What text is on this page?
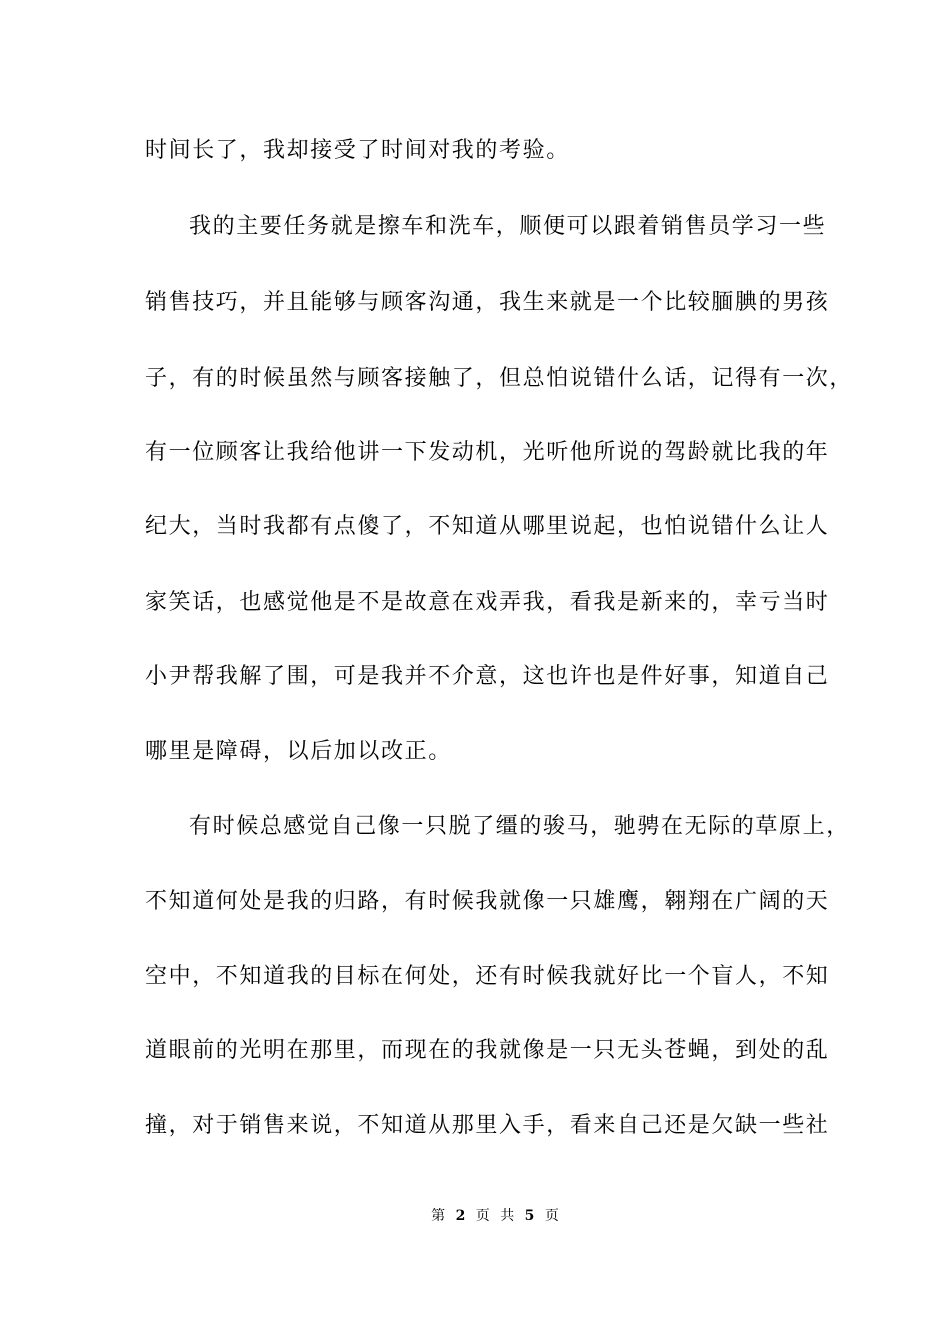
时间长了，我却接受了时间对我的考验。
我的主要任务就是擦车和洗车，顺便可以跟着销售员学习一些
销售技巧，并且能够与顾客沟通，我生来就是一个比较腼腆的男孩
子，有的时候虽然与顾客接触了，但总怕说错什么话，记得有一次，
有一位顾客让我给他讲一下发动机，光听他所说的驾龄就比我的年
纪大，当时我都有点傻了，不知道从哪里说起，也怕说错什么让人
家笑话，也感觉他是不是故意在戏弄我，看我是新来的，幸亏当时
小尹帮我解了围，可是我并不介意，这也许也是件好事，知道自己
哪里是障碍，以后加以改正。
有时候总感觉自己像一只脱了缰的骏马，驰骋在无际的草原上，
不知道何处是我的归路，有时候我就像一只雄鹰，翱翔在广阔的天
空中，不知道我的目标在何处，还有时候我就好比一个盲人，不知
道眼前的光明在那里，而现在的我就像是一只无头苍蝇，到处的乱
撞，对于销售来说，不知道从那里入手，看来自己还是欠缺一些社
第 2 页 共 5 页
